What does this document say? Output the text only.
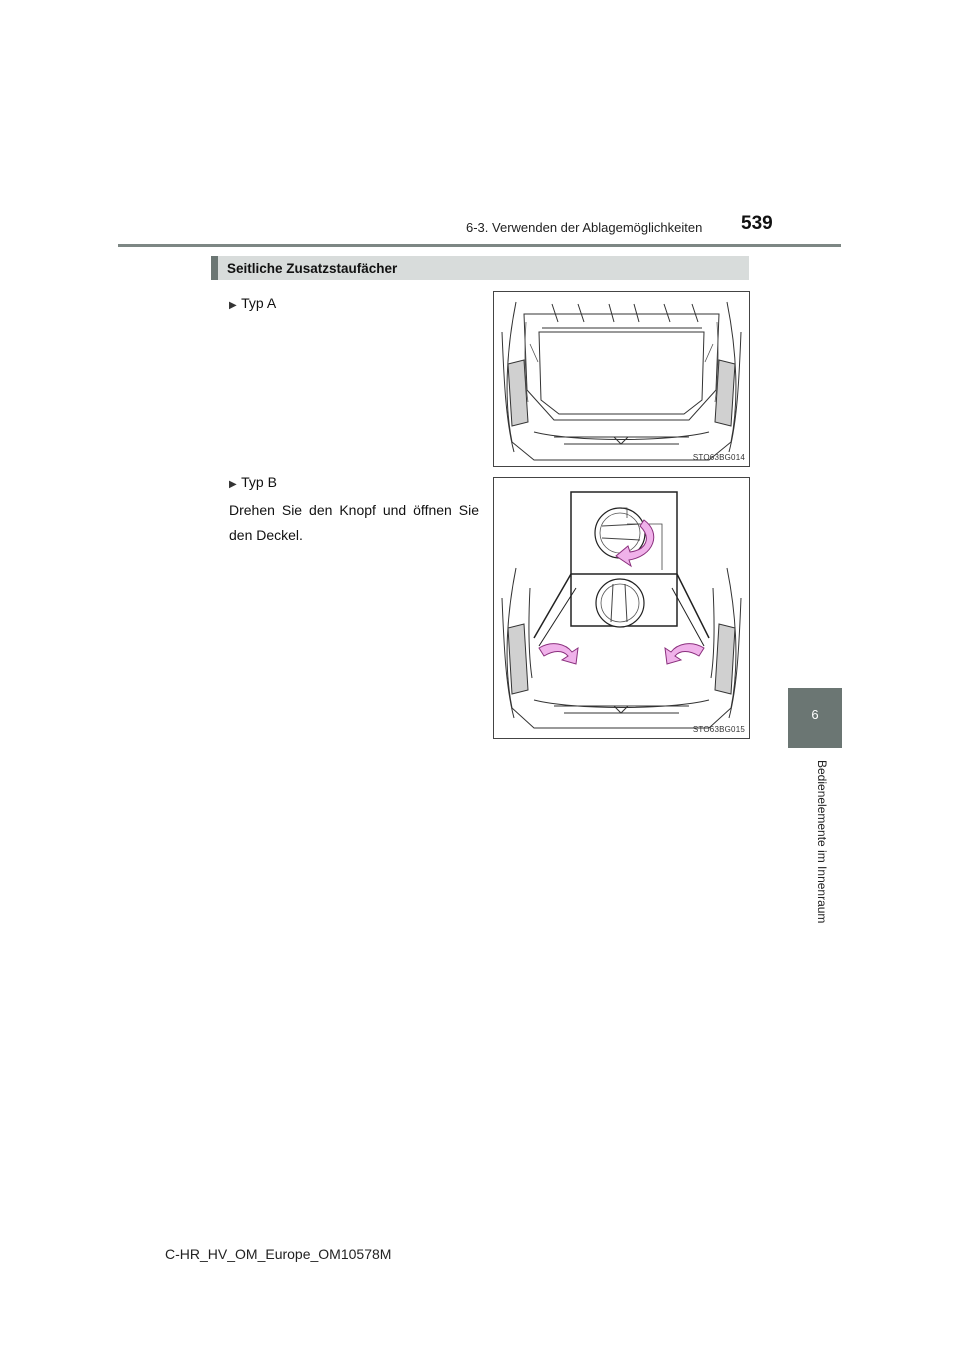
6-3. Verwenden der Ablagemöglichkeiten 539
Seitliche Zusatzstaufächer
▶ Typ A
▶ Typ B
Drehen Sie den Knopf und öffnen Sie den Deckel.
STO63BG014
STO63BG015
6
Bedienelemente im Innenraum
C-HR_HV_OM_Europe_OM10578M
